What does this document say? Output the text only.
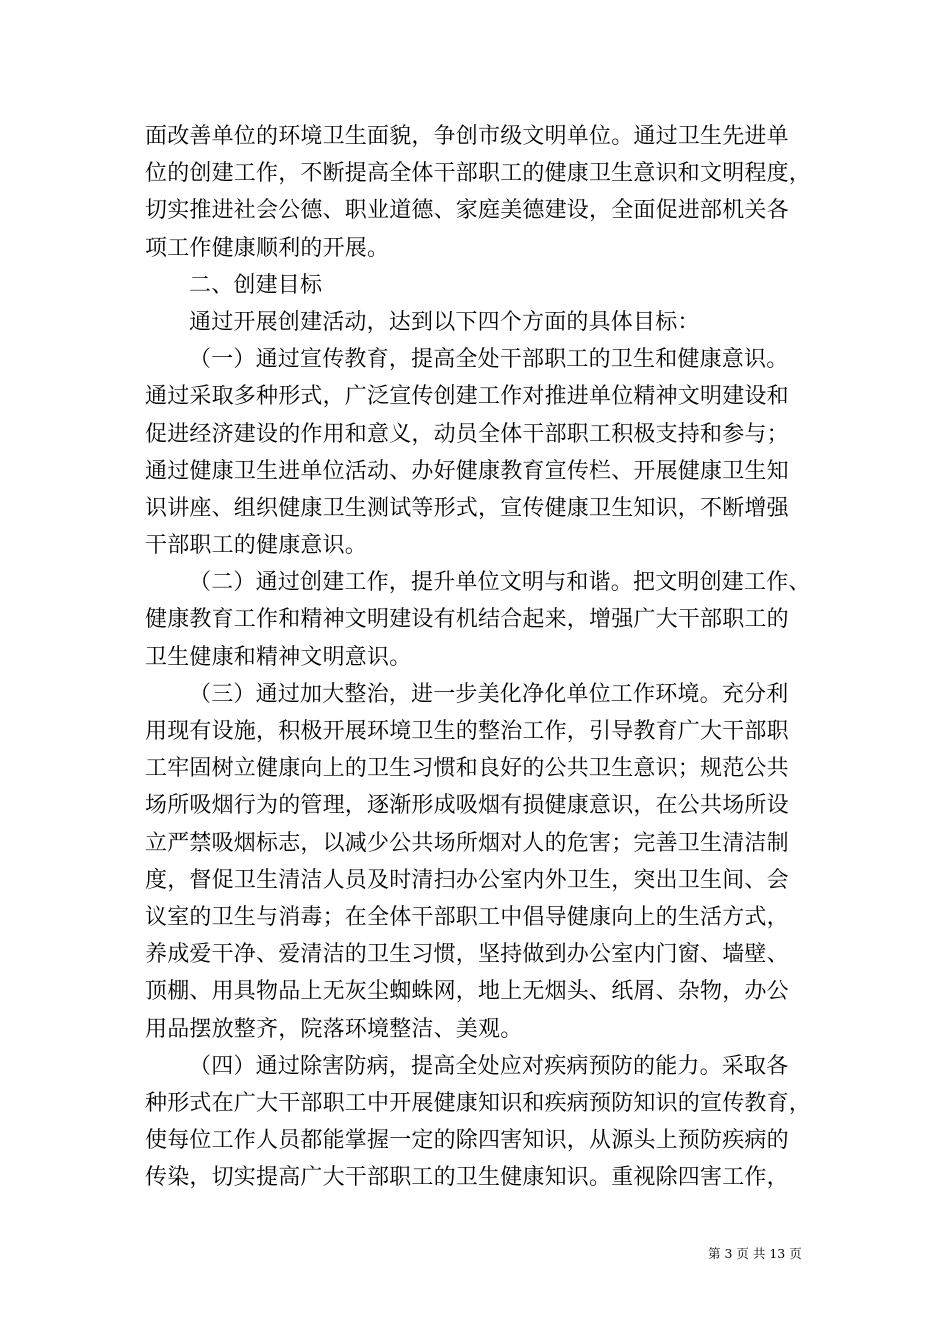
面改善单位的环境卫生面貌，争创市级文明单位。通过卫生先进单
位的创建工作，不断提高全体干部职工的健康卫生意识和文明程度，
切实推进社会公德、职业道德、家庭美德建设，全面促进部机关各
项工作健康顺利的开展。
二、创建目标
通过开展创建活动，达到以下四个方面的具体目标：
（一）通过宣传教育，提高全处干部职工的卫生和健康意识。
通过采取多种形式，广泛宣传创建工作对推进单位精神文明建设和
促进经济建设的作用和意义，动员全体干部职工积极支持和参与；
通过健康卫生进单位活动、办好健康教育宣传栏、开展健康卫生知
识讲座、组织健康卫生测试等形式，宣传健康卫生知识，不断增强
干部职工的健康意识。
（二）通过创建工作，提升单位文明与和谐。把文明创建工作、
健康教育工作和精神文明建设有机结合起来，增强广大干部职工的
卫生健康和精神文明意识。
（三）通过加大整治，进一步美化净化单位工作环境。充分利
用现有设施，积极开展环境卫生的整治工作，引导教育广大干部职
工牢固树立健康向上的卫生习惯和良好的公共卫生意识；规范公共
场所吸烟行为的管理，逐渐形成吸烟有损健康意识，在公共场所设
立严禁吸烟标志，以减少公共场所烟对人的危害；完善卫生清洁制
度，督促卫生清洁人员及时清扫办公室内外卫生，突出卫生间、会
议室的卫生与消毒；在全体干部职工中倡导健康向上的生活方式，
养成爱干净、爱清洁的卫生习惯，坚持做到办公室内门窗、墙壁、
顶棚、用具物品上无灰尘蜘蛛网，地上无烟头、纸屑、杂物，办公
用品摆放整齐，院落环境整洁、美观。
（四）通过除害防病，提高全处应对疾病预防的能力。采取各
种形式在广大干部职工中开展健康知识和疾病预防知识的宣传教育，
使每位工作人员都能掌握一定的除四害知识，从源头上预防疾病的
传染，切实提高广大干部职工的卫生健康知识。重视除四害工作，
第 3 页 共 13 页
